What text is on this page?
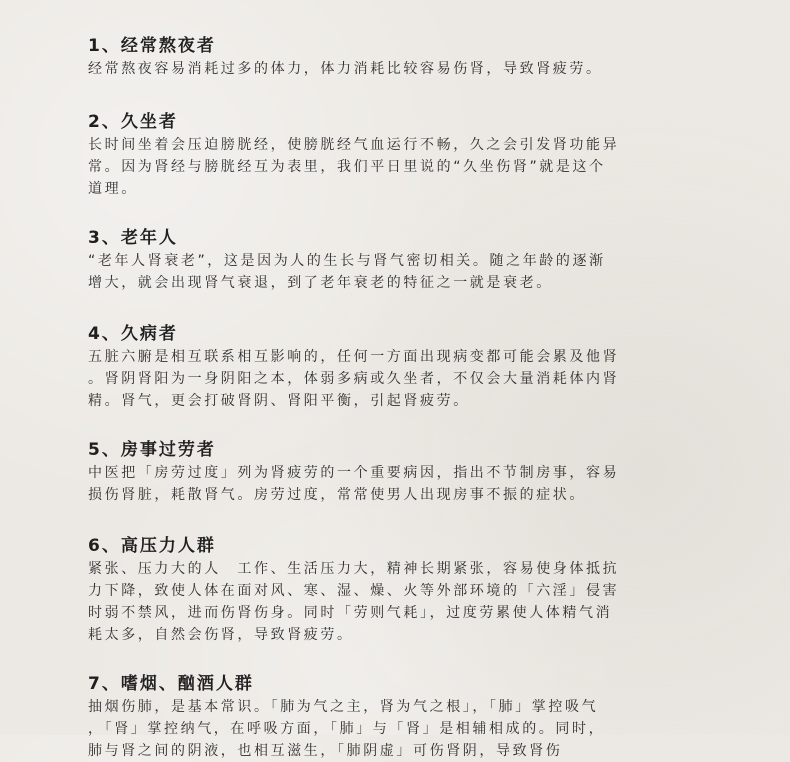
1、经常熬夜者
经常熬夜容易消耗过多的体力，体力消耗比较容易伤肾，导致肾疲劳。
2、久坐者
长时间坐着会压迫膀胱经，使膀胱经气血运行不畅，久之会引发肾功能异
常。因为肾经与膀胱经互为表里，我们平日里说的“久坐伤肾”就是这个
道理。
3、老年人
“老年人肾衰老”，这是因为人的生长与肾气密切相关。随之年龄的逐渐
增大，就会出现肾气衰退，到了老年衰老的特征之一就是衰老。
4、久病者
五脏六腑是相互联系相互影响的，任何一方面出现病变都可能会累及他肾
。肾阴肾阳为一身阴阳之本，体弱多病或久坐者，不仅会大量消耗体内肾
精。肾气，更会打破肾阴、肾阳平衡，引起肾疲劳。
5、房事过劳者
中医把「房劳过度」列为肾疲劳的一个重要病因，指出不节制房事，容易
损伤肾脏，耗散肾气。房劳过度，常常使男人出现房事不振的症状。
6、高压力人群
紧张、压力大的人　工作、生活压力大，精神长期紧张，容易使身体抵抗
力下降，致使人体在面对风、寒、湿、燥、火等外部环境的「六淫」侵害
时弱不禁风，进而伤肾伤身。同时「劳则气耗」，过度劳累使人体精气消
耗太多，自然会伤肾，导致肾疲劳。
7、嗜烟、酗酒人群
抽烟伤肺，是基本常识。「肺为气之主，肾为气之根」，「肺」掌控吸气
，「肾」掌控纳气，在呼吸方面，「肺」与「肾」是相辅相成的。同时，
肺与肾之间的阴液，也相互滋生，「肺阴虚」可伤肾阴，导致肾伤
